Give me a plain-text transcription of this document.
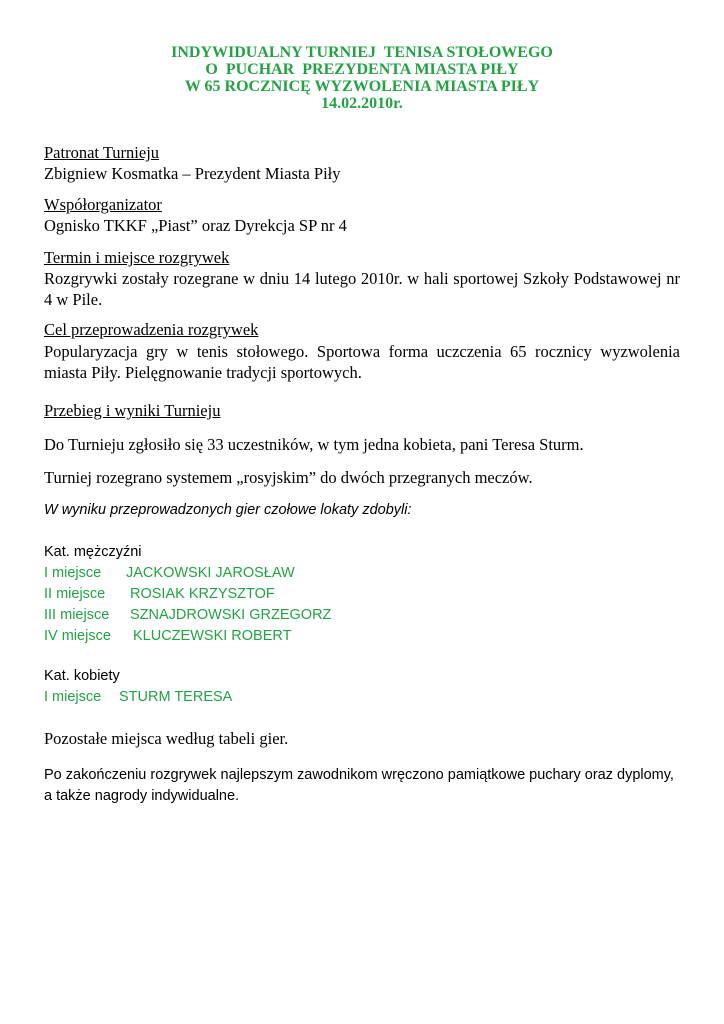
INDYWIDUALNY TURNIEJ  TENISA STOŁOWEGO
O  PUCHAR  PREZYDENTA MIASTA PIŁY
W 65 ROCZNICĘ WYZWOLENIA MIASTA PIŁY
14.02.2010r.
Patronat Turnieju
Zbigniew Kosmatka – Prezydent Miasta Piły
Współorganizator
Ognisko TKKF „Piast” oraz Dyrekcja SP nr 4
Termin i miejsce rozgrywek
Rozgrywki zostały rozegrane w dniu 14 lutego 2010r. w hali sportowej Szkoły Podstawowej nr 4 w Pile.
Cel przeprowadzenia rozgrywek
Popularyzacja gry w tenis stołowego. Sportowa forma uczczenia 65 rocznicy wyzwolenia miasta Piły. Pielęgnowanie tradycji sportowych.
Przebieg i wyniki Turnieju
Do Turnieju zgłosiło się 33 uczestników, w tym jedna kobieta, pani Teresa Sturm.
Turniej rozegrano systemem „rosyjskim” do dwóch przegranych meczów.
W wyniku przeprowadzonych gier czołowe lokaty zdobyli:
Kat. mężczyźni
I miejsce JACKOWSKI JAROSŁAW
II miejsce ROSIAK KRZYSZTOF
III miejsce SZNAJDROWSKI GRZEGORZ
IV miejsce KLUCZEWSKI ROBERT
Kat. kobiety
I miejsce STURM TERESA
Pozostałe miejsca według tabeli gier.
Po zakończeniu rozgrywek najlepszym zawodnikom wręczono pamiątkowe puchary oraz dyplomy, a także nagrody indywidualne.
